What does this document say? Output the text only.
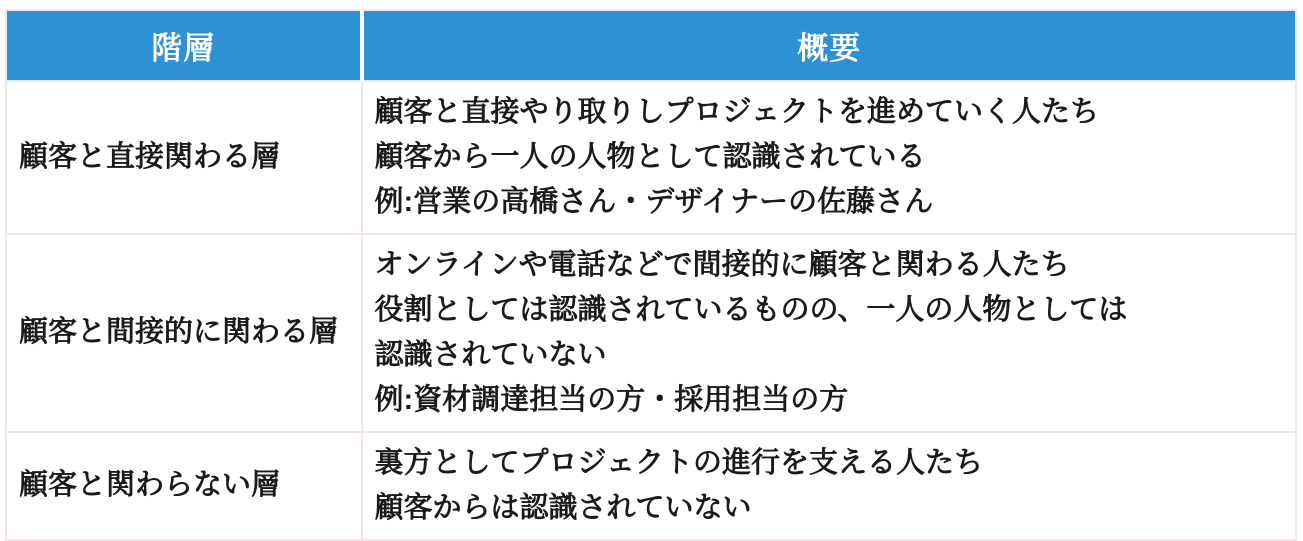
階層	概要
顧客と直接関わる層	顧客と直接やり取りしプロジェクトを進めていく人たち
顧客から一人の人物として認識されている
例:営業の高橋さん・デザイナーの佐藤さん

顧客と間接的に関わる層	オンラインや電話などで間接的に顧客と関わる人たち
役割としては認識されているものの、一人の人物としては
認識されていない
例:資材調達担当の方・採用担当の方

顧客と関わらない層	裏方としてプロジェクトの進行を支える人たち
顧客からは認識されていない
